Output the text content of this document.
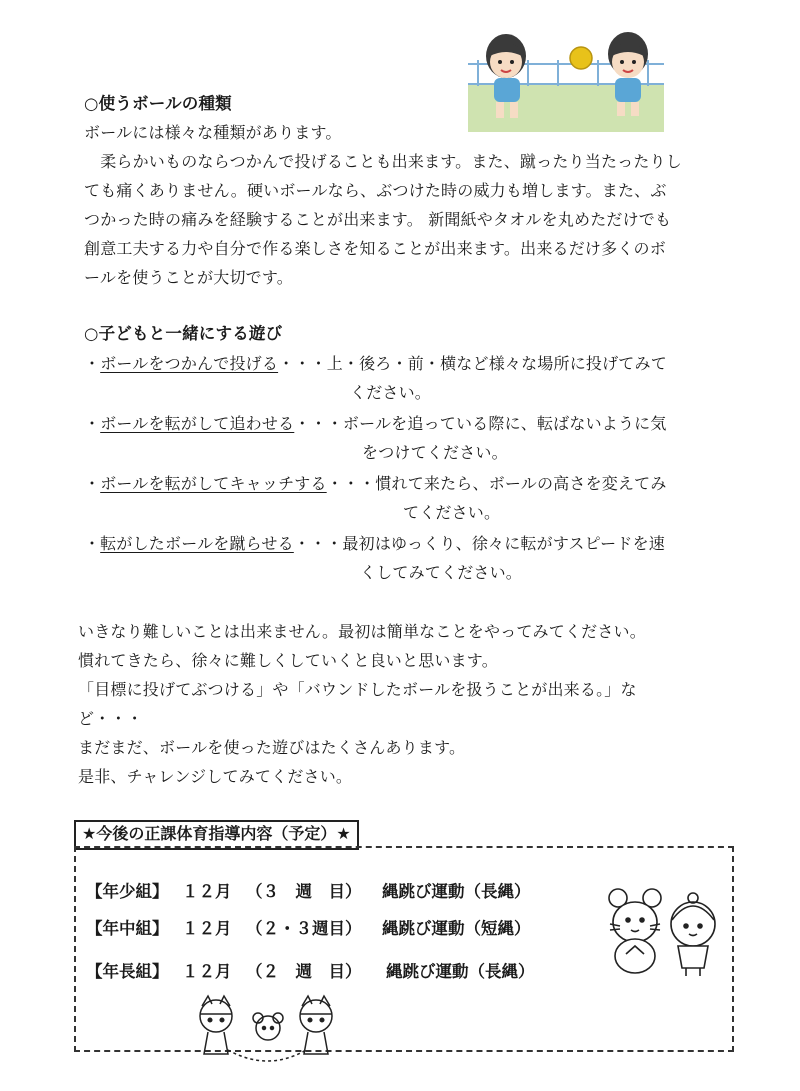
○使うボールの種類
ボールには様々な種類があります。
　柔らかいものならつかんで投げることも出来ます。また、蹴ったり当たったりし
ても痛くありません。硬いボールなら、ぶつけた時の威力も増します。また、ぶ
つかった時の痛みを経験することが出来ます。 新聞紙やタオルを丸めただけでも
創意工夫する力や自分で作る楽しさを知ることが出来ます。出来るだけ多くのボ
ールを使うことが大切です。
○子どもと一緒にする遊び
・ボールをつかんで投げる・・・上・後ろ・前・横など様々な場所に投げてみて
ください。
・ボールを転がして追わせる・・・ボールを追っている際に、転ばないように気
をつけてください。
・ボールを転がしてキャッチする・・・慣れて来たら、ボールの高さを変えてみ
てください。
・転がしたボールを蹴らせる・・・最初はゆっくり、徐々に転がすスピードを速
くしてみてください。
いきなり難しいことは出来ません。最初は簡単なことをやってみてください。
慣れてきたら、徐々に難しくしていくと良いと思います。
「目標に投げてぶつける」や「バウンドしたボールを扱うことが出来る。」な
ど・・・
まだまだ、ボールを使った遊びはたくさんあります。
是非、チャレンジしてみてください。
★今後の正課体育指導内容（予定）★
【年少組】 １２月 （３　週　目） 縄跳び運動（長縄）
【年中組】 １２月 （２・３週目） 縄跳び運動（短縄）
【年長組】 １２月 （２　週　目） 縄跳び運動（長縄）
